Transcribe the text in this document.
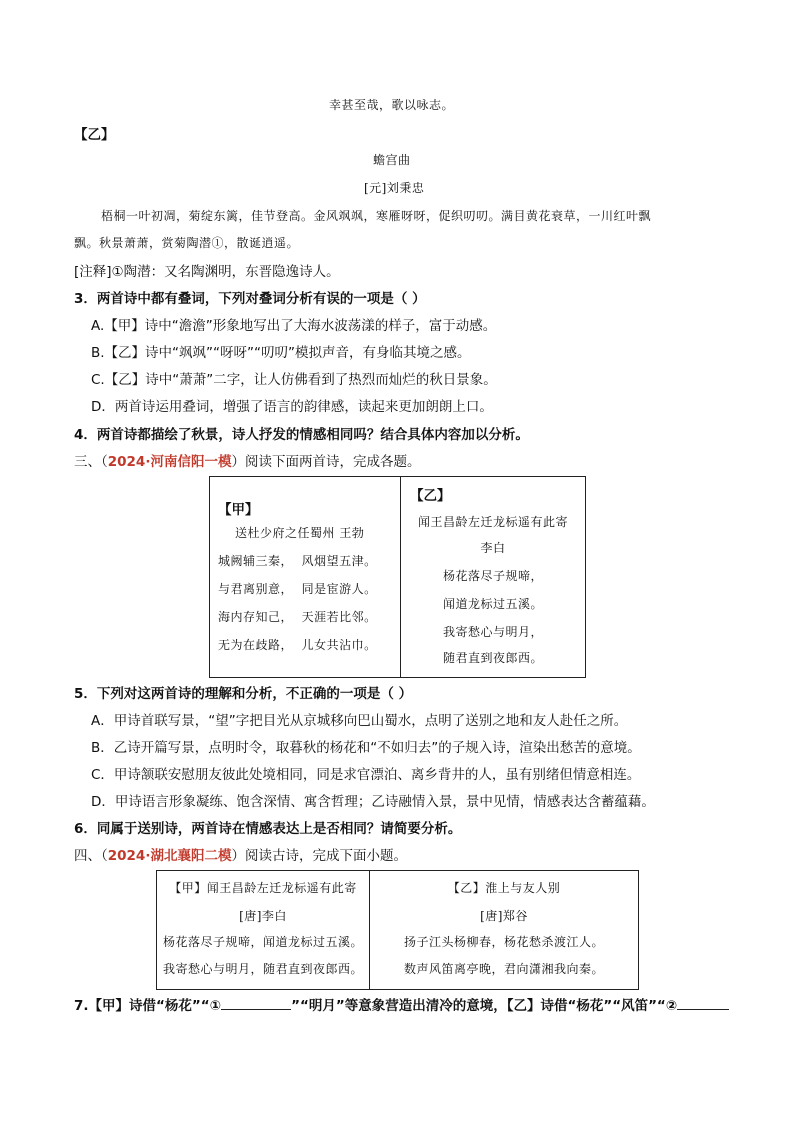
幸甚至哉，歌以咏志。
【乙】
蟾宫曲
[元]刘秉忠
梧桐一叶初凋，菊绽东篱，佳节登高。金风飒飒，寒雁呀呀，促织叨叨。满目黄花衰草，一川红叶飘
飘。秋景萧萧，赏菊陶潜①，散诞逍遥。
[注释]①陶潜：又名陶渊明，东晋隐逸诗人。
3．两首诗中都有叠词，下列对叠词分析有误的一项是（ ）
A.【甲】诗中“澹澹”形象地写出了大海水波荡漾的样子，富于动感。
B.【乙】诗中“飒飒”“呀呀”“叨叨”模拟声音，有身临其境之感。
C.【乙】诗中“萧萧”二字，让人仿佛看到了热烈而灿烂的秋日景象。
D．两首诗运用叠词，增强了语言的韵律感，读起来更加朗朗上口。
4．两首诗都描绘了秋景，诗人抒发的情感相同吗？结合具体内容加以分析。
三、（2024·河南信阳一模）阅读下面两首诗，完成各题。
【甲】
送杜少府之任蜀州 王勃
城阙辅三秦，  风烟望五津。
与君离别意，  同是宦游人。
海内存知己，  天涯若比邻。
无为在歧路，  儿女共沾巾。
【乙】
闻王昌龄左迁龙标遥有此寄
李白
杨花落尽子规啼，
闻道龙标过五溪。
我寄愁心与明月，
随君直到夜郎西。
5．下列对这两首诗的理解和分析，不正确的一项是（ ）
A．甲诗首联写景，“望”字把目光从京城移向巴山蜀水，点明了送别之地和友人赴任之所。
B．乙诗开篇写景，点明时令，取暮秋的杨花和“不如归去”的子规入诗，渲染出愁苦的意境。
C．甲诗颔联安慰朋友彼此处境相同，同是求官漂泊、离乡背井的人，虽有别绪但情意相连。
D．甲诗语言形象凝练、饱含深情、寓含哲理；乙诗融情入景，景中见情，情感表达含蓄蕴藉。
6．同属于送别诗，两首诗在情感表达上是否相同？请简要分析。
四、（2024·湖北襄阳二模）阅读古诗，完成下面小题。
【甲】闻王昌龄左迁龙标遥有此寄
[唐]李白
杨花落尽子规啼，闻道龙标过五溪。
我寄愁心与明月，随君直到夜郎西。
【乙】淮上与友人别
[唐]郑谷
扬子江头杨柳春，杨花愁杀渡江人。
数声风笛离亭晚，君向潇湘我向秦。
7.【甲】诗借“杨花”“①	”“明月”等意象营造出清冷的意境，【乙】诗借“杨花”“风笛”“②
